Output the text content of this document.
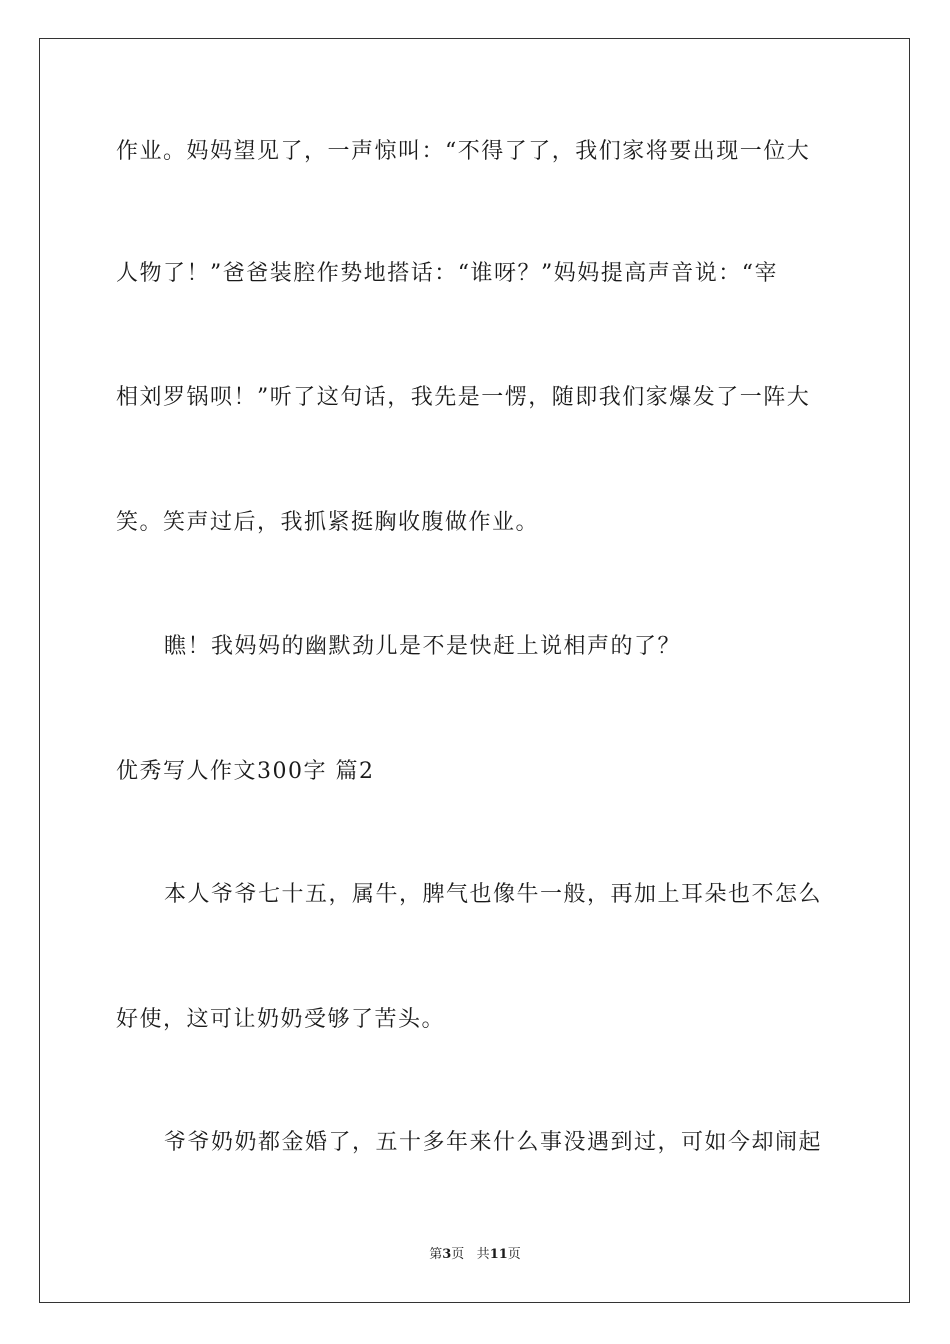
作业。妈妈望见了，一声惊叫：“不得了了，我们家将要出现一位大
人物了！”爸爸装腔作势地搭话：“谁呀？”妈妈提高声音说：“宰
相刘罗锅呗！”听了这句话，我先是一愣，随即我们家爆发了一阵大
笑。笑声过后，我抓紧挺胸收腹做作业。
瞧！我妈妈的幽默劲儿是不是快赶上说相声的了？
优秀写人作文300字 篇2
本人爷爷七十五，属牛，脾气也像牛一般，再加上耳朵也不怎么
好使，这可让奶奶受够了苦头。
爷爷奶奶都金婚了，五十多年来什么事没遇到过，可如今却闹起
第3页 共11页
